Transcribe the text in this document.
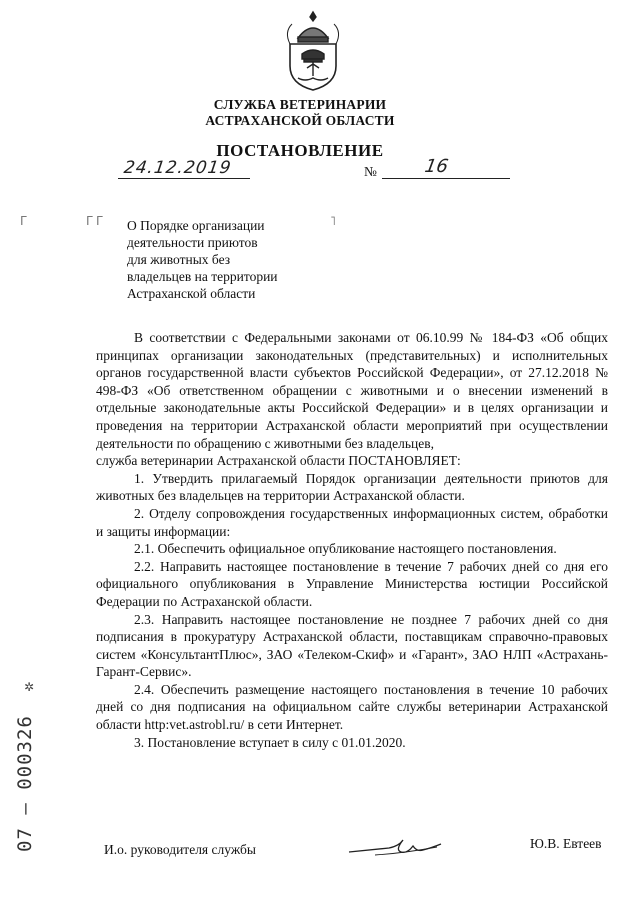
СЛУЖБА ВЕТЕРИНАРИИ
АСТРАХАНСКОЙ ОБЛАСТИ
ПОСТАНОВЛЕНИЕ
24.12.2019	№	16
Г	Г Г	˥
О Порядке организации
деятельности приютов
для животных без
владельцев на территории
Астраханской области

В соответствии с Федеральными законами от 06.10.99 № 184-ФЗ «Об общих принципах организации законодательных (представительных) и исполнительных органов государственной власти субъектов Российской Федерации», от 27.12.2018 № 498-ФЗ «Об ответственном обращении с животными и о внесении изменений в отдельные законодательные акты Российской Федерации» и в целях организации и проведения на территории Астраханской области мероприятий при осуществлении деятельности по обращению с животными без владельцев,

служба ветеринарии Астраханской области ПОСТАНОВЛЯЕТ:

1. Утвердить прилагаемый Порядок организации деятельности приютов для животных без владельцев на территории Астраханской области.

2. Отделу сопровождения государственных информационных систем, обработки и защиты информации:

2.1. Обеспечить официальное опубликование настоящего постановления.

2.2. Направить настоящее постановление в течение 7 рабочих дней со дня его официального опубликования в Управление Министерства юстиции Российской Федерации по Астраханской области.

2.3. Направить настоящее постановление не позднее 7 рабочих дней со дня подписания в прокуратуру Астраханской области, поставщикам справочно-правовых систем «КонсультантПлюс», ЗАО «Телеком-Скиф» и «Гарант», ЗАО НЛП «Астрахань-Гарант-Сервис».

2.4. Обеспечить размещение настоящего постановления в течение 10 рабочих дней со дня подписания на официальном сайте службы ветеринарии Астраханской области http:vet.astrobl.ru/ в сети Интернет.

3. Постановление вступает в силу с 01.01.2020.

✲
07 – 000326	И.о. руководителя службы	Ю.В. Евтеев
